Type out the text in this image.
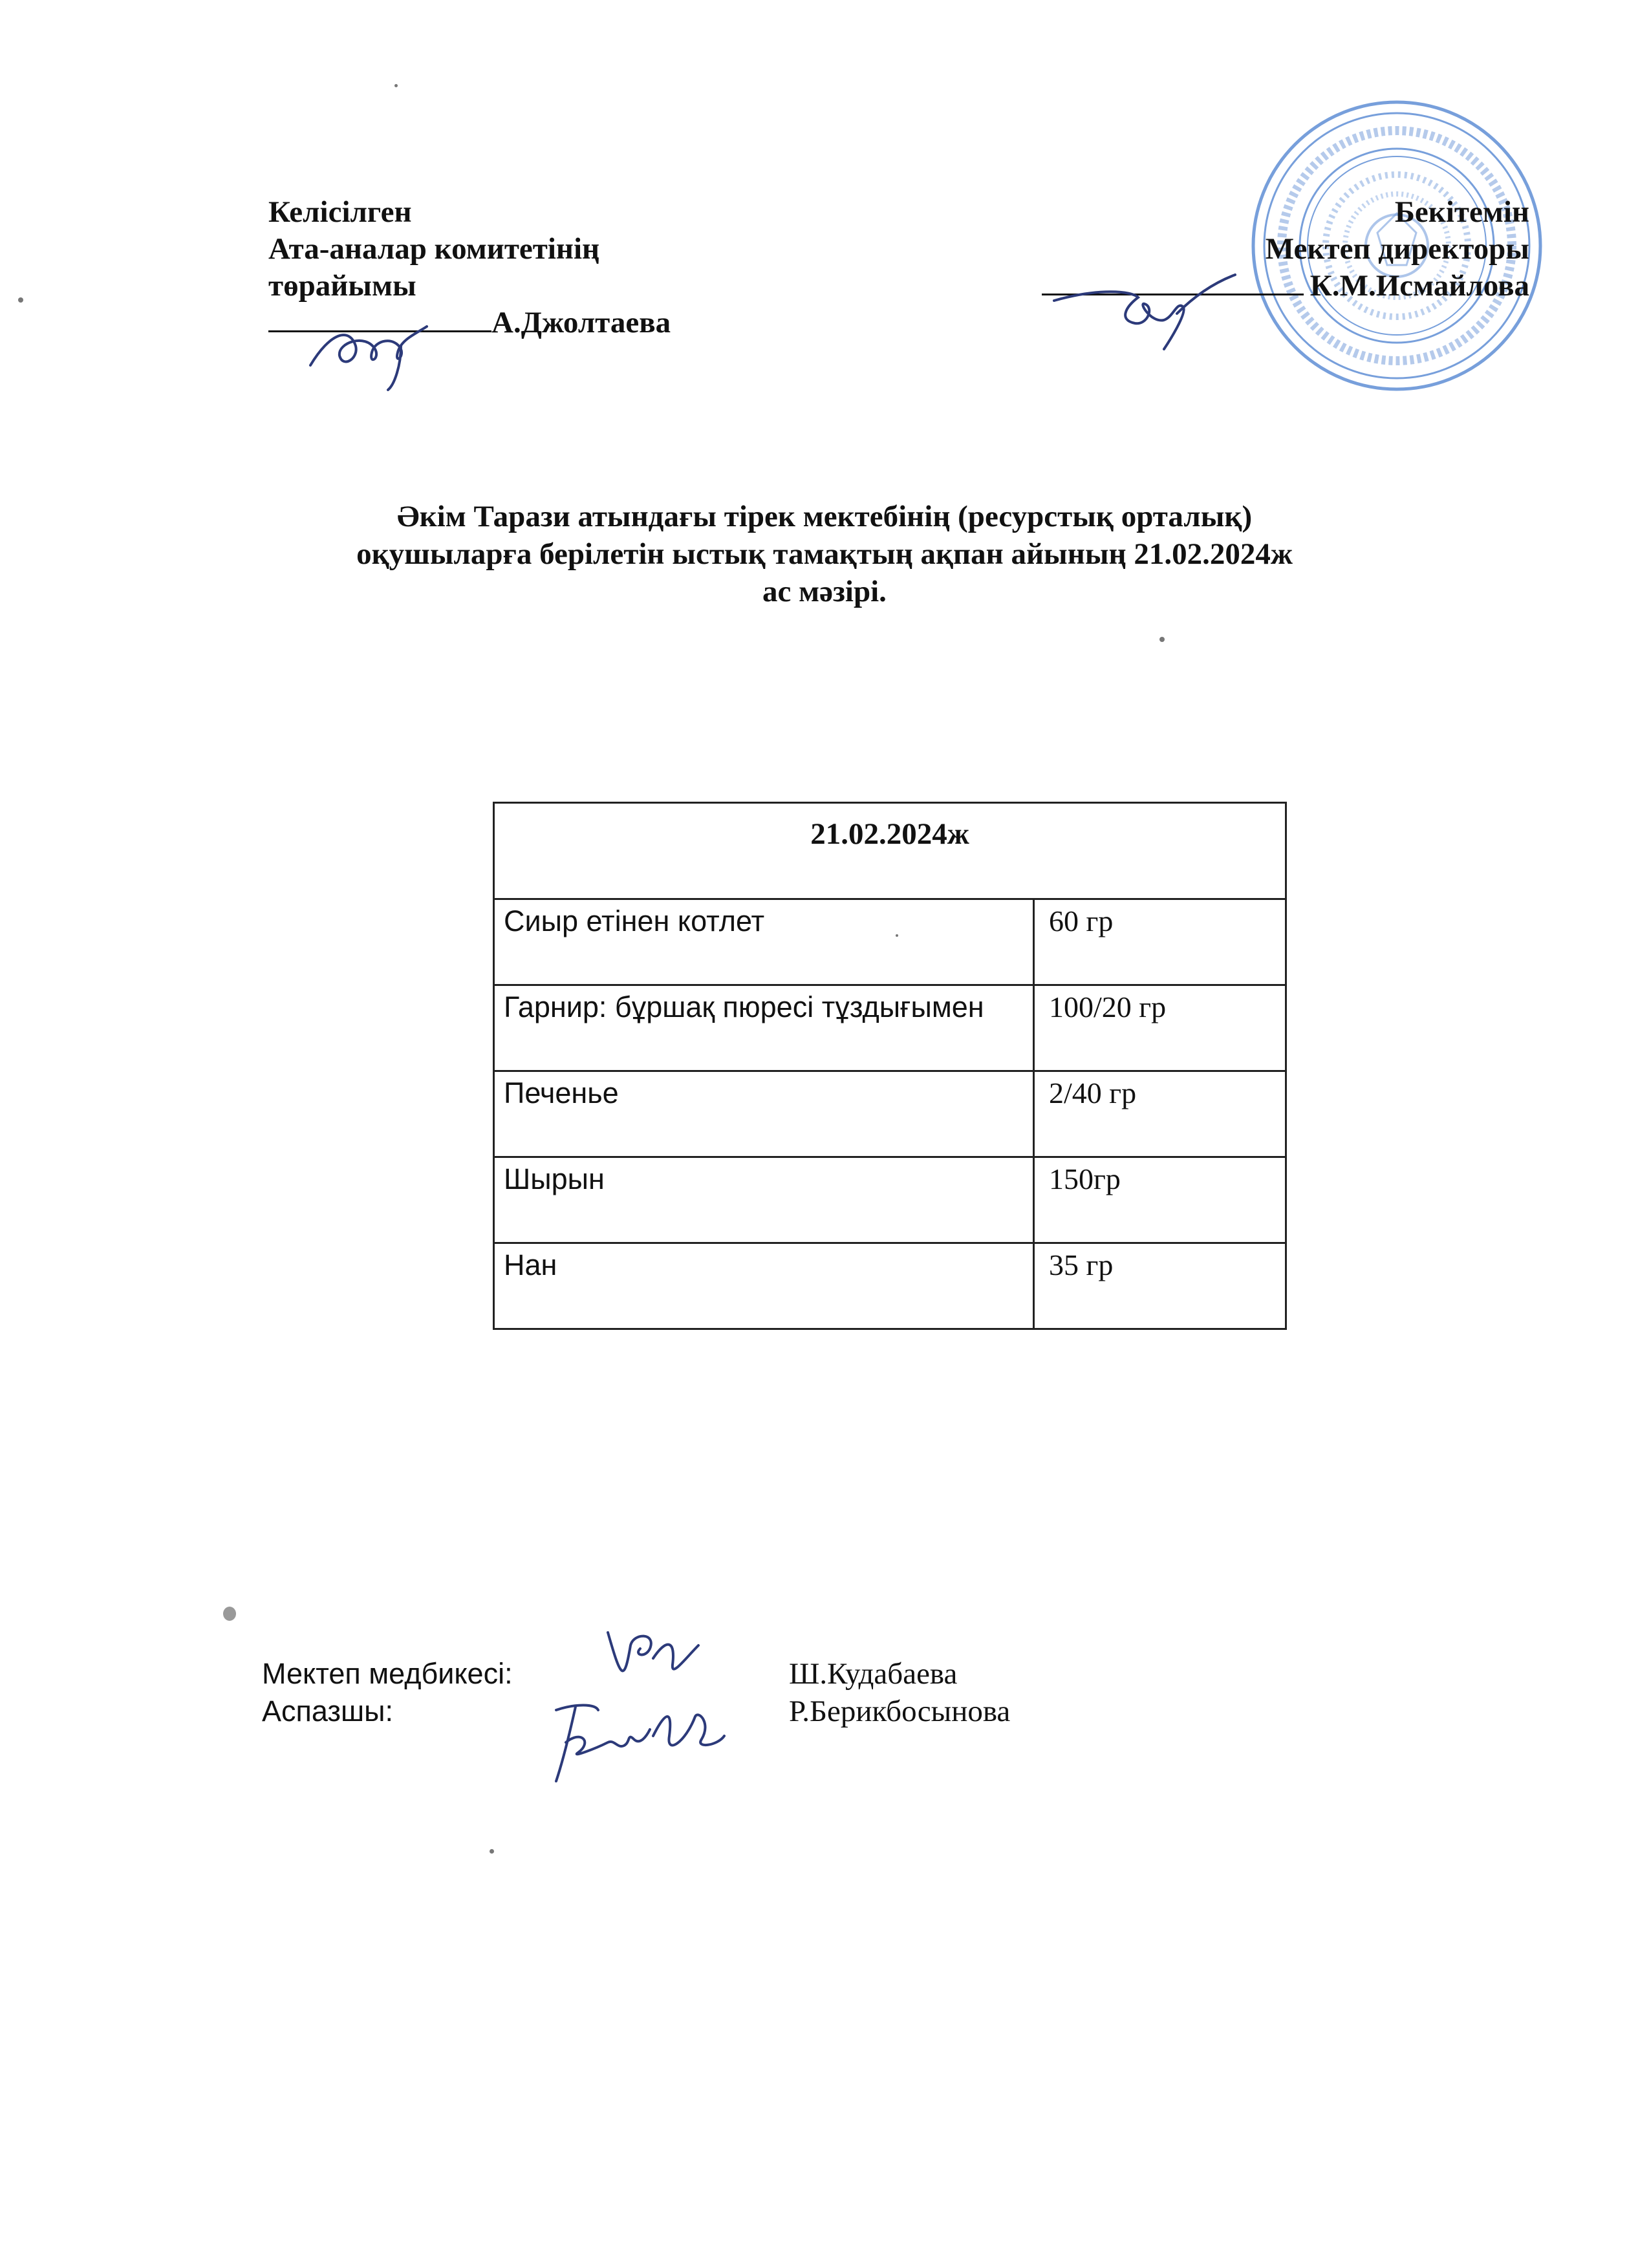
Келісілген
Ата-аналар комитетінің
төрайымы
А.Джолтаева
Бекітемін
Мектеп директоры
К.М.Исмайлова
Әкім Тарази атындағы тірек мектебінің (ресурстық орталық)
оқушыларға берілетін ыстық тамақтың ақпан айының 21.02.2024ж
ас мәзірі.
21.02.2024ж	
Сиыр етінен котлет	60 гр
Гарнир: бұршақ пюресі тұздығымен	100/20 гр
Печенье	2/40 гр
Шырын	150гр
Нан	35 гр
Мектеп медбикесі:	Ш.Кудабаева
Аспазшы:	Р.Берикбосынова
